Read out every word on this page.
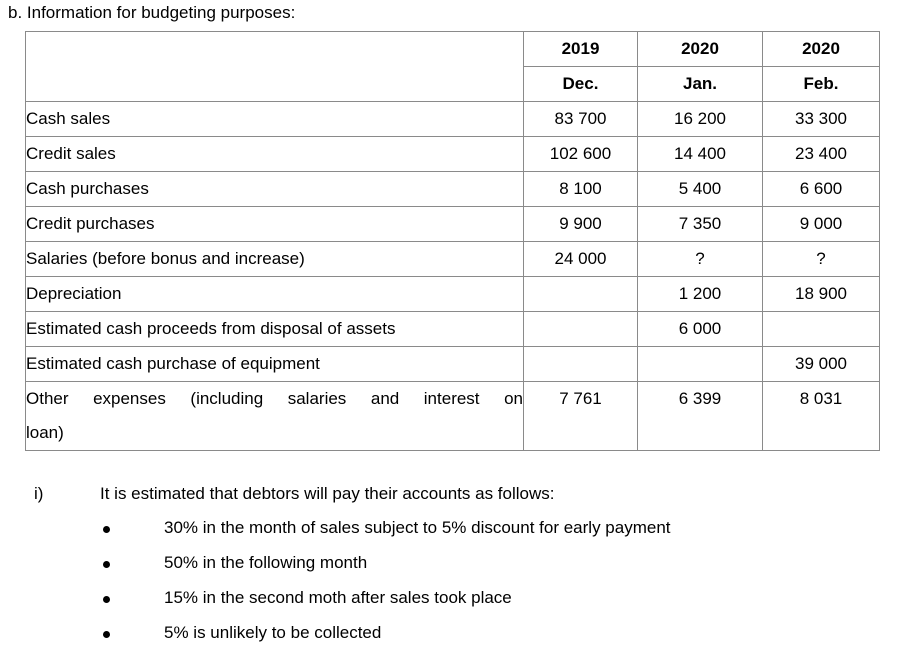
b. Information for budgeting purposes:
	2019	2020	2020
	Dec.	Jan.	Feb.
Cash sales	83 700	16 200	33 300
Credit sales	102 600	14 400	23 400
Cash purchases	8 100	5 400	6 600
Credit purchases	9 900	7 350	9 000
Salaries (before bonus and increase)	24 000	?	?
Depreciation		1 200	18 900
Estimated cash proceeds from disposal of assets		6 000	
Estimated cash purchase of equipment			39 000

Other expenses (including salaries and interest on
loan)	7 761	6 399	8 031
i)	It is estimated that debtors will pay their accounts as follows:
30% in the month of sales subject to 5% discount for early payment
50% in the following month
15% in the second moth after sales took place
5% is unlikely to be collected
